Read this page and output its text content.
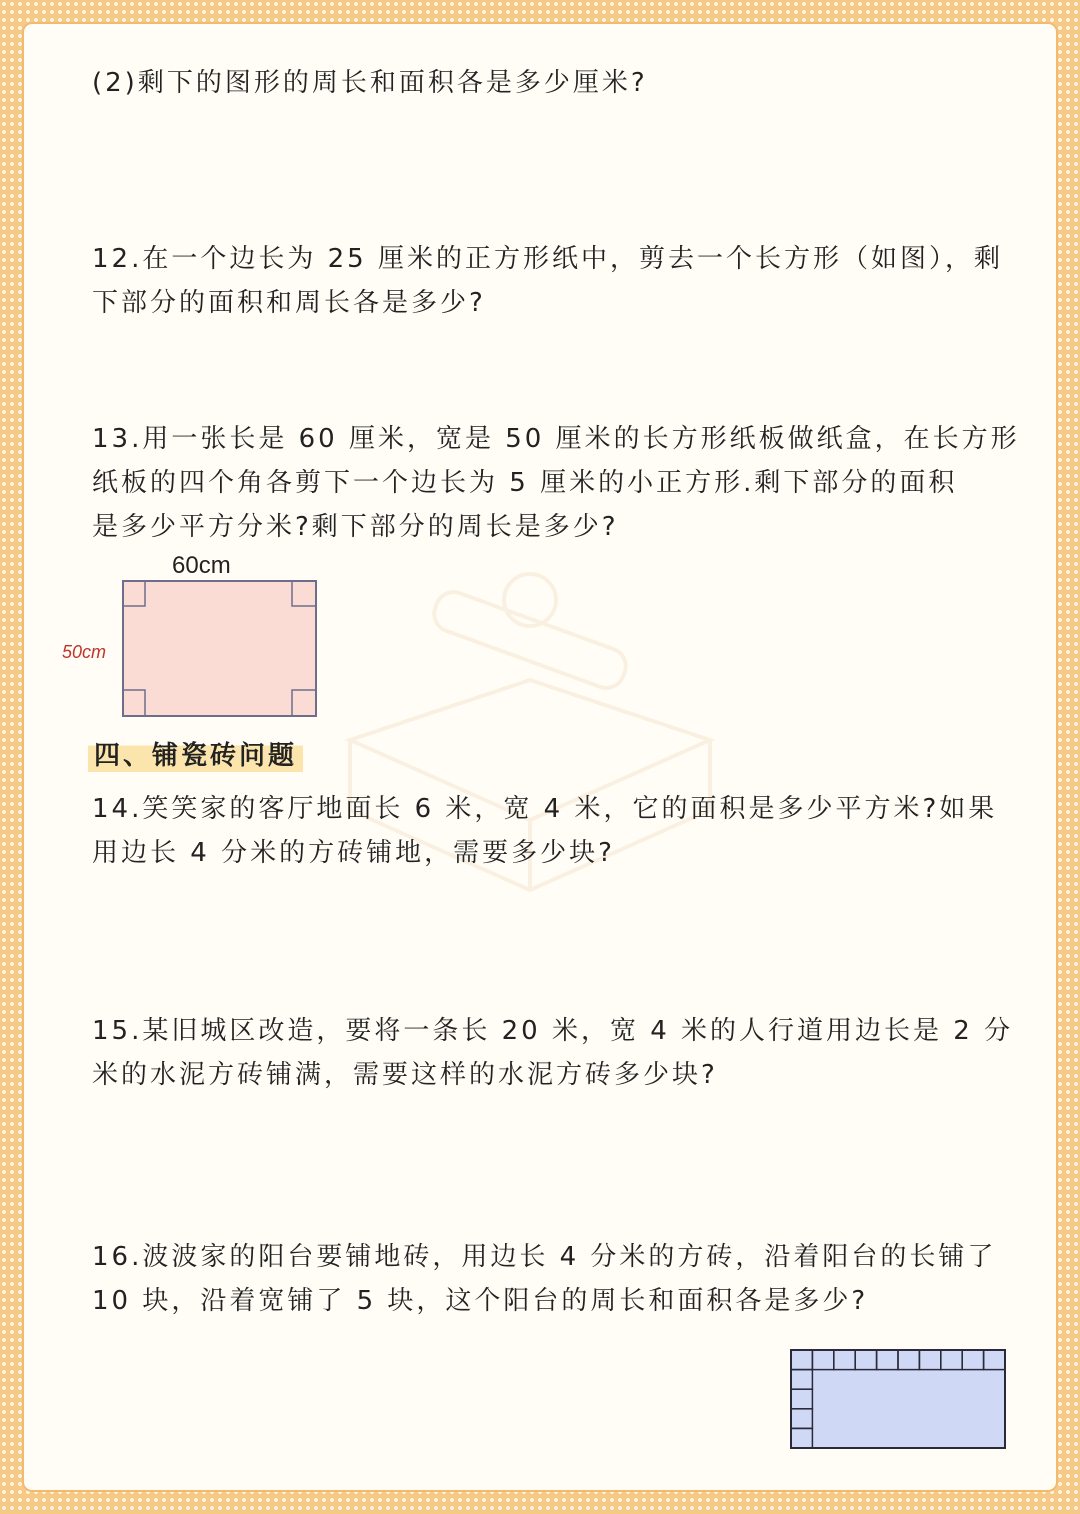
(2)剩下的图形的周长和面积各是多少厘米?
12.在一个边长为 25 厘米的正方形纸中，剪去一个长方形（如图），剩
下部分的面积和周长各是多少?
13.用一张长是 60 厘米，宽是 50 厘米的长方形纸板做纸盒，在长方形
纸板的四个角各剪下一个边长为 5 厘米的小正方形.剩下部分的面积
是多少平方分米?剩下部分的周长是多少?
60cm
50cm
四、铺瓷砖问题
14.笑笑家的客厅地面长 6 米，宽 4 米，它的面积是多少平方米?如果
用边长 4 分米的方砖铺地，需要多少块?
15.某旧城区改造，要将一条长 20 米，宽 4 米的人行道用边长是 2 分
米的水泥方砖铺满，需要这样的水泥方砖多少块?
16.波波家的阳台要铺地砖，用边长 4 分米的方砖，沿着阳台的长铺了
10 块，沿着宽铺了 5 块，这个阳台的周长和面积各是多少?
